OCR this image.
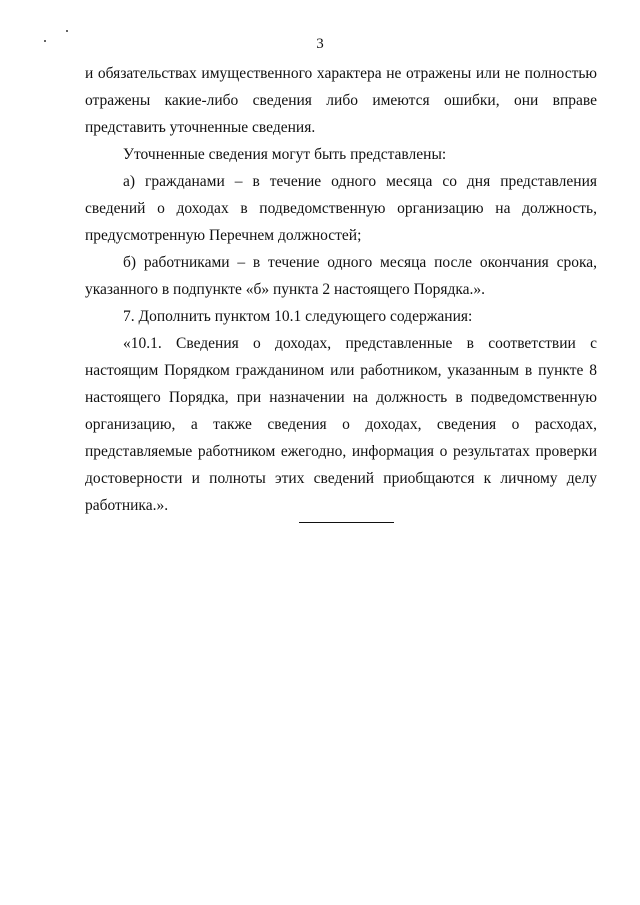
3

и обязательствах имущественного характера не отражены или не полностью отражены какие-либо сведения либо имеются ошибки, они вправе представить уточненные сведения.

Уточненные сведения могут быть представлены:

а) гражданами – в течение одного месяца со дня представления сведений о доходах в подведомственную организацию на должность, предусмотренную Перечнем должностей;

б) работниками – в течение одного месяца после окончания срока, указанного в подпункте «б» пункта 2 настоящего Порядка.».

7. Дополнить пунктом 10.1 следующего содержания:

«10.1. Сведения о доходах, представленные в соответствии с настоящим Порядком гражданином или работником, указанным в пункте 8 настоящего Порядка, при назначении на должность в подведомственную организацию, а также сведения о доходах, сведения о расходах, представляемые работником ежегодно, информация о результатах проверки достоверности и полноты этих сведений приобщаются к личному делу работника.».
